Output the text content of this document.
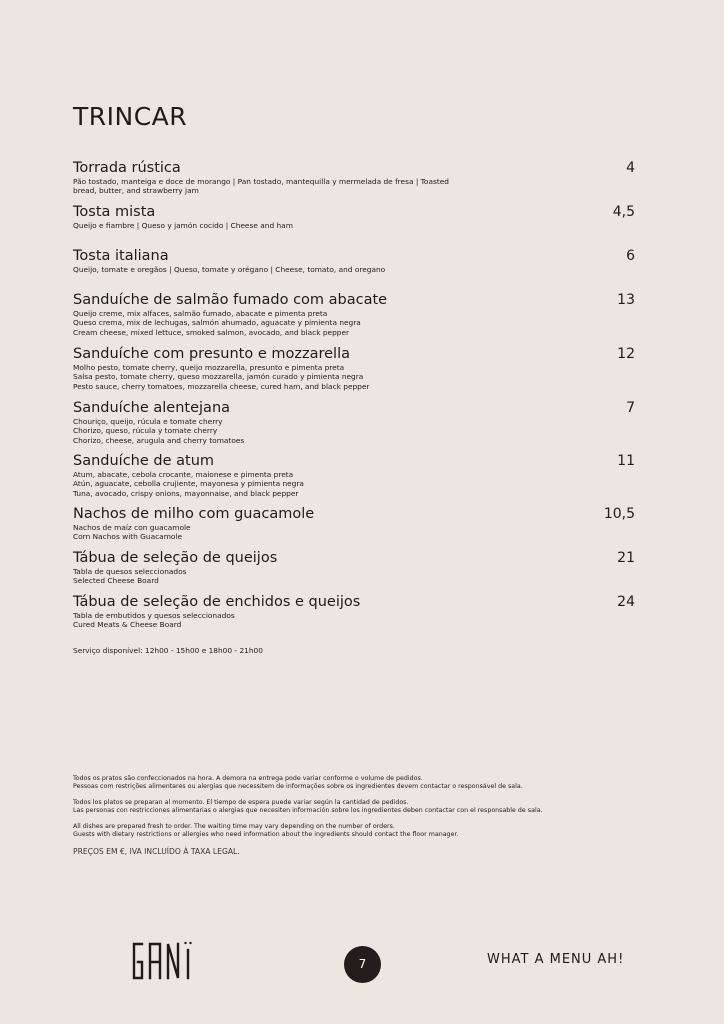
TRINCAR
Torrada rústica
Pão tostado, manteiga e doce de morango | Pan tostado, mantequilla y mermelada de fresa | Toasted
bread, butter, and strawberry jam
4
Tosta mista
Queijo e fiambre | Queso y jamón cocido | Cheese and ham
4,5
Tosta italiana
Queijo, tomate e oregãos | Queso, tomate y orégano | Cheese, tomato, and oregano
6
Sanduíche de salmão fumado com abacate
Queijo creme, mix alfaces, salmão fumado, abacate e pimenta preta
Queso crema, mix de lechugas, salmón ahumado, aguacate y pimienta negra
Cream cheese, mixed lettuce, smoked salmon, avocado, and black pepper
13
Sanduíche com presunto e mozzarella
Molho pesto, tomate cherry, queijo mozzarella, presunto e pimenta preta
Salsa pesto, tomate cherry, queso mozzarella, jamón curado y pimienta negra
Pesto sauce, cherry tomatoes, mozzarella cheese, cured ham, and black pepper
12
Sanduíche alentejana
Chouriço, queijo, rúcula e tomate cherry
Chorizo, queso, rúcula y tomate cherry
Chorizo, cheese, arugula and cherry tomatoes
7
Sanduíche de atum
Atum, abacate, cebola crocante, maionese e pimenta preta
Atún, aguacate, cebolla crujiente, mayonesa y pimienta negra
Tuna, avocado, crispy onions, mayonnaise, and black pepper
11
Nachos de milho com guacamole
Nachos de maíz con guacamole
Corn Nachos with Guacamole
10,5
Tábua de seleção de queijos
Tabla de quesos seleccionados
Selected Cheese Board
21
Tábua de seleção de enchidos e queijos
Tabla de embutidos y quesos seleccionados
Cured Meats & Cheese Board
24
Serviço disponível: 12h00 - 15h00 e 18h00 - 21h00

Todos os pratos são confeccionados na hora. A demora na entrega pode variar conforme o volume de pedidos.
Pessoas com restrições alimentares ou alergias que necessitem de informações sobre os ingredientes devem contactar o responsável de sala.

Todos los platos se preparan al momento. El tiempo de espera puede variar según la cantidad de pedidos.
Las personas con restricciones alimentarias o alergias que necesiten información sobre los ingredientes deben contactar con el responsable de sala.

All dishes are prepared fresh to order. The waiting time may vary depending on the number of orders.
Guests with dietary restrictions or allergies who need information about the ingredients should contact the floor manager.

PREÇOS EM €, IVA INCLUÍDO À TAXA LEGAL.
7	WHAT A MENU AH!
